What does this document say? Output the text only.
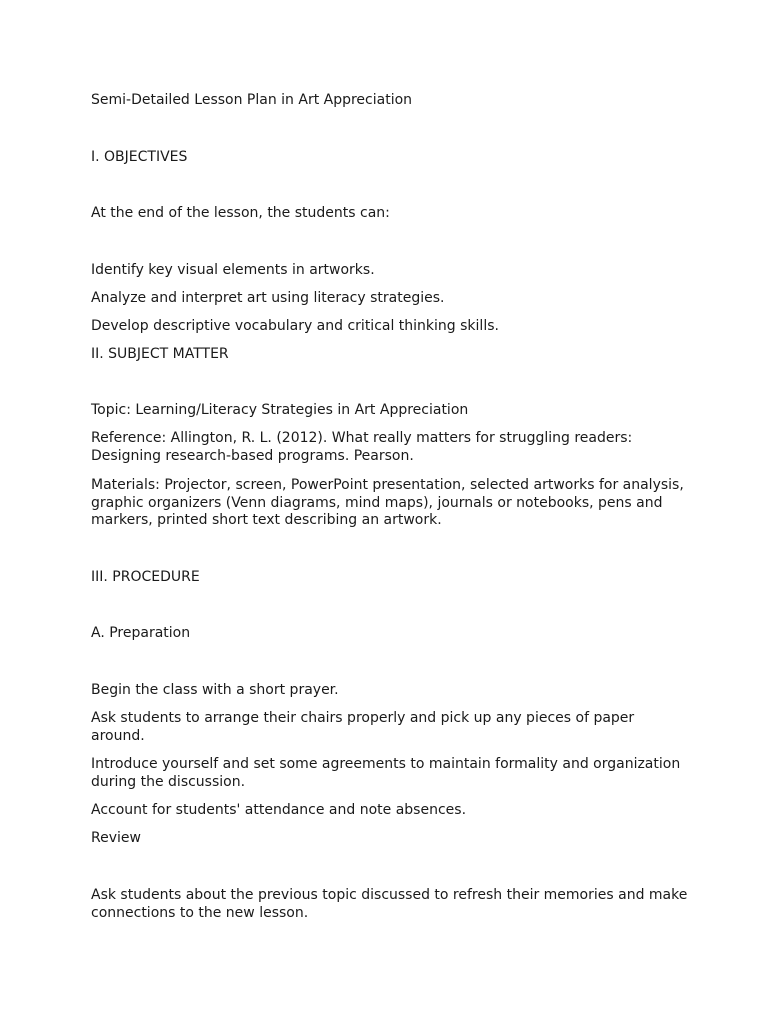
Semi-Detailed Lesson Plan in Art Appreciation

I. OBJECTIVES

At the end of the lesson, the students can:

Identify key visual elements in artworks.

Analyze and interpret art using literacy strategies.

Develop descriptive vocabulary and critical thinking skills.

II. SUBJECT MATTER

Topic: Learning/Literacy Strategies in Art Appreciation

Reference: Allington, R. L. (2012). What really matters for struggling readers: Designing research-based programs. Pearson.

Materials: Projector, screen, PowerPoint presentation, selected artworks for analysis, graphic organizers (Venn diagrams, mind maps), journals or notebooks, pens and markers, printed short text describing an artwork.

III. PROCEDURE

A. Preparation

Begin the class with a short prayer.

Ask students to arrange their chairs properly and pick up any pieces of paper around.

Introduce yourself and set some agreements to maintain formality and organization during the discussion.

Account for students' attendance and note absences.

Review

Ask students about the previous topic discussed to refresh their memories and make connections to the new lesson.
